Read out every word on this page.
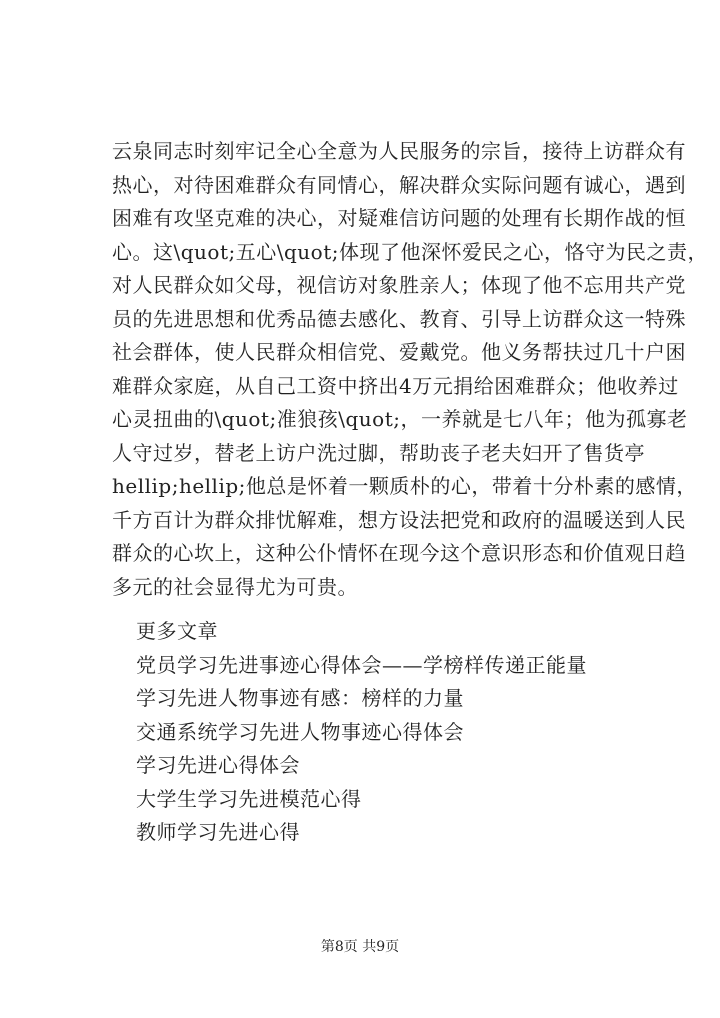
云泉同志时刻牢记全心全意为人民服务的宗旨，接待上访群众有
热心，对待困难群众有同情心，解决群众实际问题有诚心，遇到
困难有攻坚克难的决心，对疑难信访问题的处理有长期作战的恒
心。这\quot;五心\quot;体现了他深怀爱民之心，恪守为民之责，
对人民群众如父母，视信访对象胜亲人；体现了他不忘用共产党
员的先进思想和优秀品德去感化、教育、引导上访群众这一特殊
社会群体，使人民群众相信党、爱戴党。他义务帮扶过几十户困
难群众家庭，从自己工资中挤出4万元捐给困难群众；他收养过
心灵扭曲的\quot;准狼孩\quot;，一养就是七八年；他为孤寡老
人守过岁，替老上访户洗过脚，帮助丧子老夫妇开了售货亭
hellip;hellip;他总是怀着一颗质朴的心，带着十分朴素的感情，
千方百计为群众排忧解难，想方设法把党和政府的温暖送到人民
群众的心坎上，这种公仆情怀在现今这个意识形态和价值观日趋
多元的社会显得尤为可贵。
更多文章
党员学习先进事迹心得体会——学榜样传递正能量
学习先进人物事迹有感：榜样的力量
交通系统学习先进人物事迹心得体会
学习先进心得体会
大学生学习先进模范心得
教师学习先进心得
第8页 共9页
